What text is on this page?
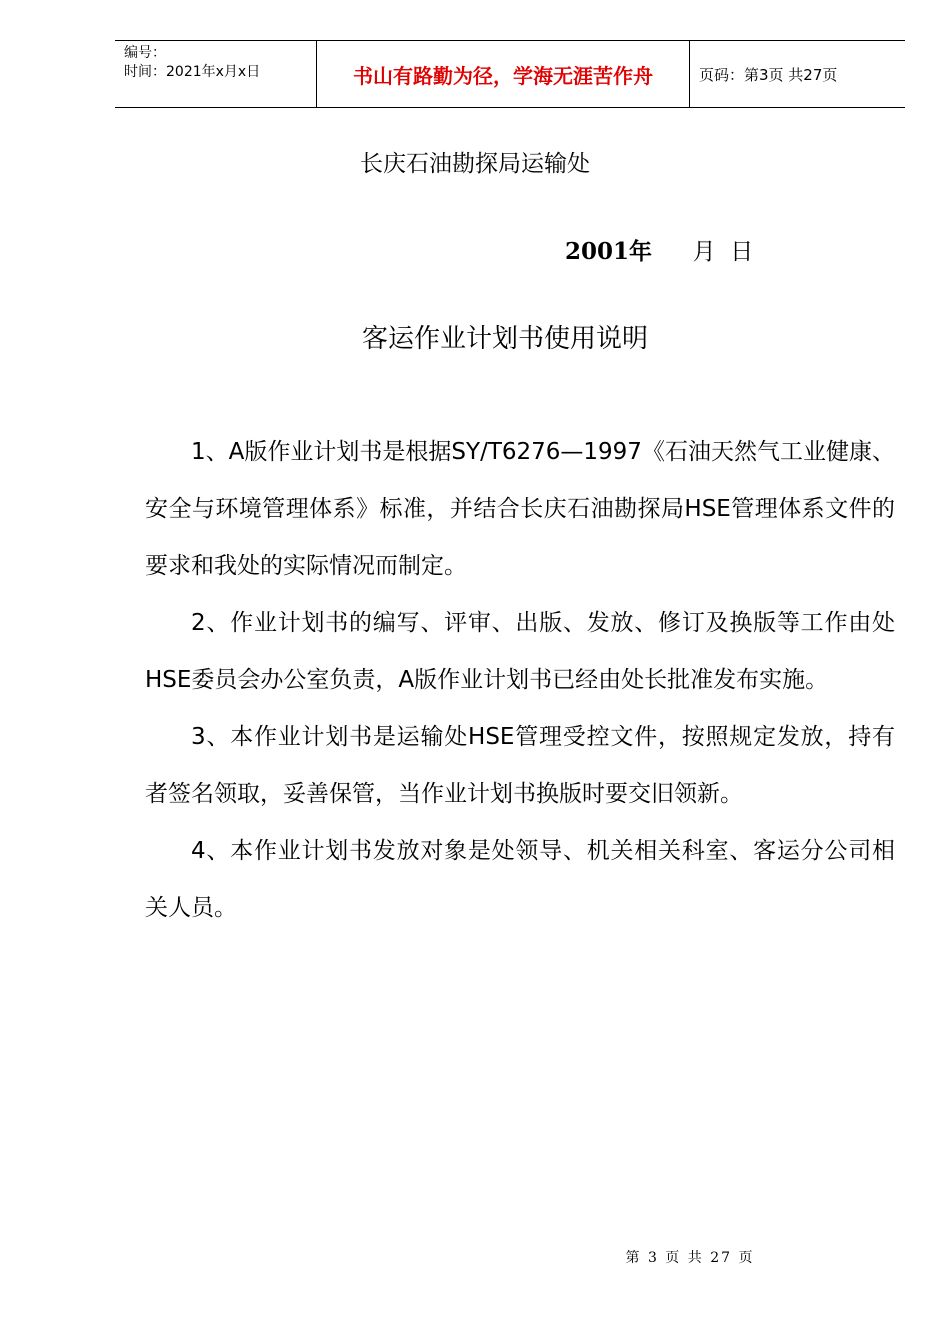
编号：
时间：2021年x月x日	书山有路勤为径，学海无涯苦作舟	页码：第3页 共27页
长庆石油勘探局运输处
2001年 月  日
客运作业计划书使用说明

1、A版作业计划书是根据SY/T6276—1997《石油天然气工业健康、安全与环境管理体系》标准，并结合长庆石油勘探局HSE管理体系文件的要求和我处的实际情况而制定。

2、作业计划书的编写、评审、出版、发放、修订及换版等工作由处HSE委员会办公室负责，A版作业计划书已经由处长批准发布实施。

3、本作业计划书是运输处HSE管理受控文件，按照规定发放，持有者签名领取，妥善保管，当作业计划书换版时要交旧领新。

4、本作业计划书发放对象是处领导、机关相关科室、客运分公司相关人员。

第 3 页 共 27 页
